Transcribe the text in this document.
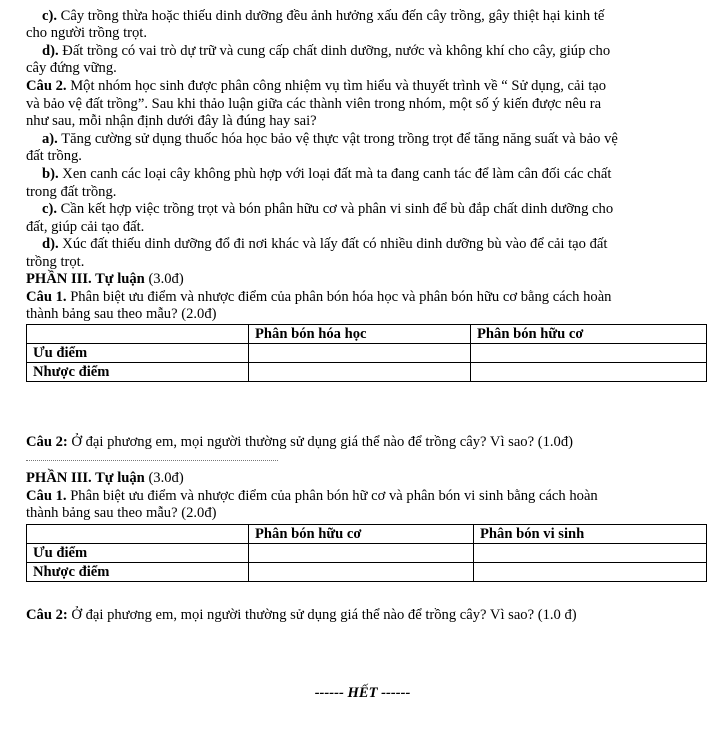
c). Cây trồng thừa hoặc thiếu dinh dưỡng đều ảnh hưởng xấu đến cây trồng, gây thiệt hại kinh tế
cho người trồng trọt.
d). Đất trồng có vai trò dự trữ và cung cấp chất dinh dưỡng, nước và không khí cho cây, giúp cho
cây đứng vững.
Câu 2. Một nhóm học sinh được phân công nhiệm vụ tìm hiểu và thuyết trình về “ Sử dụng, cải tạo
và bảo vệ đất trồng”. Sau khi thảo luận giữa các thành viên trong nhóm, một số ý kiến được nêu ra
như sau, mỗi nhận định dưới đây là đúng hay sai?
a). Tăng cường sử dụng thuốc hóa học bảo vệ thực vật trong trồng trọt để tăng năng suất và bảo vệ
đất trồng.
b). Xen canh các loại cây không phù hợp với loại đất mà ta đang canh tác để làm cân đối các chất
trong đất trồng.
c). Cần kết hợp việc trồng trọt và bón phân hữu cơ và phân vi sinh để bù đắp chất dinh dưỡng cho
đất, giúp cải tạo đất.
d). Xúc đất thiếu dinh dưỡng đổ đi nơi khác và lấy đất có nhiều dinh dưỡng bù vào để cải tạo đất
trồng trọt.
PHẦN III. Tự luận (3.0đ)
Câu 1. Phân biệt ưu điểm và nhược điểm của phân bón hóa học và phân bón hữu cơ bằng cách hoàn
thành bảng sau theo mẫu? (2.0đ)
	Phân bón hóa học	Phân bón hữu cơ
Ưu điểm		
Nhược điểm		
Câu 2: Ở đại phương em, mọi người thường sử dụng giá thể nào để trồng cây? Vì sao? (1.0đ)
PHẦN III. Tự luận (3.0đ)
Câu 1. Phân biệt ưu điểm và nhược điểm của phân bón hữ cơ và phân bón vi sinh bằng cách hoàn
thành bảng sau theo mẫu? (2.0đ)
	Phân bón hữu cơ	Phân bón vi sinh
Ưu điểm		
Nhược điểm		
Câu 2: Ở đại phương em, mọi người thường sử dụng giá thể nào để trồng cây? Vì sao? (1.0 đ)
------ HẾT ------
